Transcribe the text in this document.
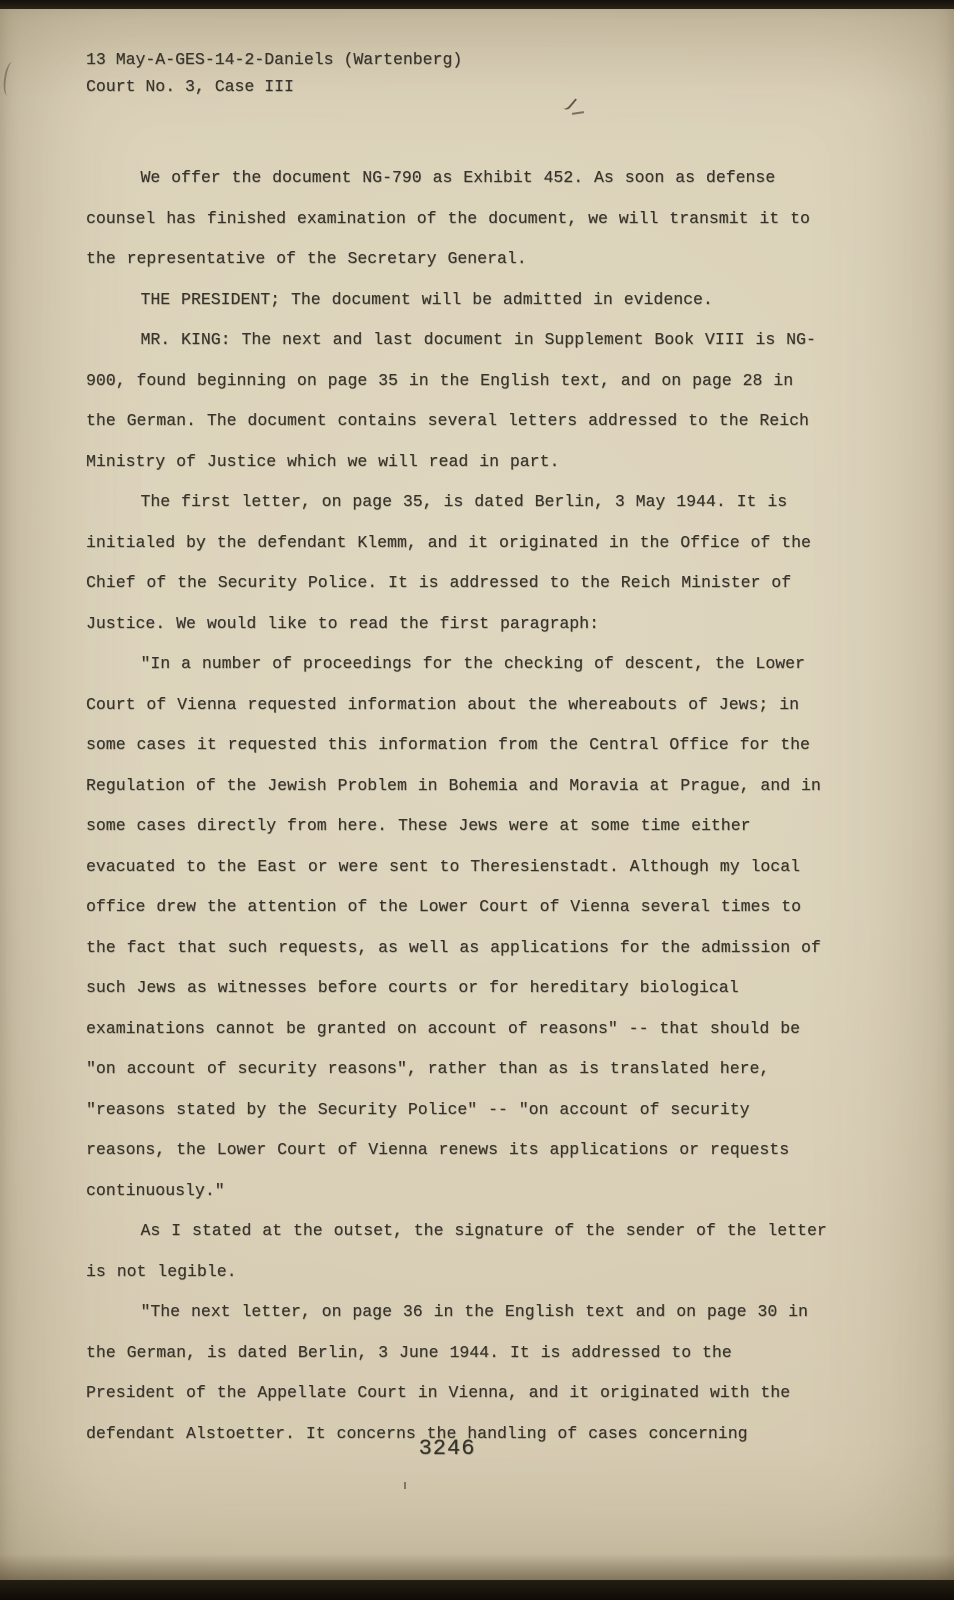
13 May-A-GES-14-2-Daniels (Wartenberg)
Court No. 3, Case III

We offer the document NG-790 as Exhibit 452. As soon as defense counsel has finished examination of the document, we will transmit it to the representative of the Secretary General.

THE PRESIDENT; The document will be admitted in evidence.

MR. KING: The next and last document in Supplement Book VIII is NG-900, found beginning on page 35 in the English text, and on page 28 in the German. The document contains several letters addressed to the Reich Ministry of Justice which we will read in part.

The first letter, on page 35, is dated Berlin, 3 May 1944. It is initialed by the defendant Klemm, and it originated in the Office of the Chief of the Security Police. It is addressed to the Reich Minister of Justice. We would like to read the first paragraph:

"In a number of proceedings for the checking of descent, the Lower Court of Vienna requested information about the whereabouts of Jews; in some cases it requested this information from the Central Office for the Regulation of the Jewish Problem in Bohemia and Moravia at Prague, and in some cases directly from here. These Jews were at some time either evacuated to the East or were sent to Theresienstadt. Although my local office drew the attention of the Lower Court of Vienna several times to the fact that such requests, as well as applications for the admission of such Jews as witnesses before courts or for hereditary biological examinations cannot be granted on account of reasons" -- that should be "on account of security reasons", rather than as is translated here, "reasons stated by the Security Police" -- "on account of security reasons, the Lower Court of Vienna renews its applications or requests continuously."

As I stated at the outset, the signature of the sender of the letter is not legible.

"The next letter, on page 36 in the English text and on page 30 in the German, is dated Berlin, 3 June 1944. It is addressed to the President of the Appellate Court in Vienna, and it originated with the defendant Alstoetter. It concerns the handling of cases concerning

3246
